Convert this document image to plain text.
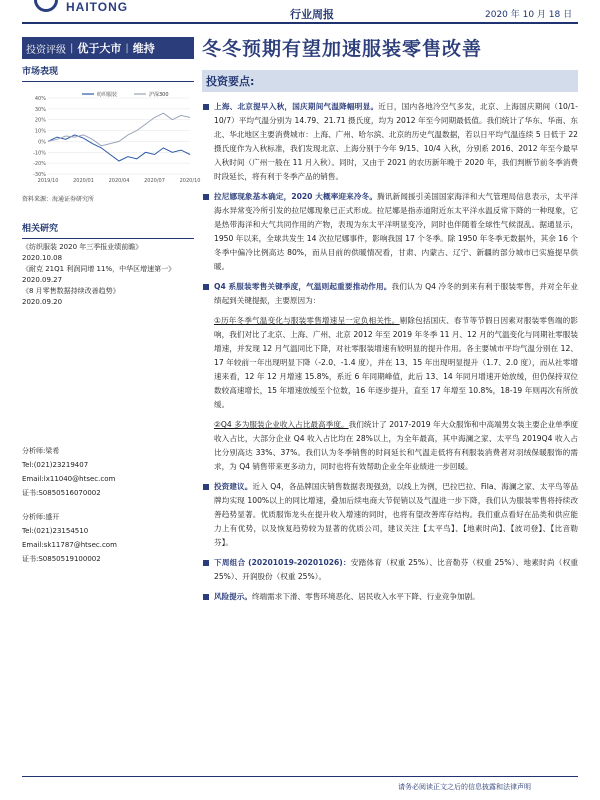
HAITONG
行业周报	2020 年 10 月 18 日
投资评级 | 优于大市 | 维持 冬冬预期有望加速服装零售改善
市场表现
40%
30%
20%
10%
0%
-10%
-20%
-30%
2019/10	2020/01	2020/04	2020/07	2020/10
纺织服装	沪深300
资料来源：海通证券研究所
相关研究
《纺织服装 2020 年三季报业绩前瞻》
2020.10.08
《耐克 21Q1 利润同增 11%，中华区增速第一》
2020.09.27
《8 月零售数据持续改善趋势》
2020.09.20
分析师:梁希
Tel:(021)23219407
Email:lx11040@htsec.com
证书:S0850516070002
分析师:盛开
Tel:(021)23154510
Email:sk11787@htsec.com
证书:S0850519100002
投资要点:
上海、北京提早入秋，国庆期间气温降幅明显。近日，国内各地冷空气多发，北京、上海国庆期间（10/1-10/7）平均气温分别为 14.79、21.71 摄氏度，均为 2012 年至今同期最低值。我们统计了华东、华南、东北、华北地区主要消费城市：上海、广州、哈尔滨、北京的历史气温数据，若以日平均气温连续 5 日低于 22 摄氏度作为入秋标准，我们发现北京、上海分别于今年 9/15、10/4 入秋，分别系 2016、2012 年至今最早入秋时间（广州一般在 11 月入秋）。同时，又由于 2021 的农历新年晚于 2020 年，我们判断节前冬季消费时段延长，将有利于冬季产品的销售。
拉尼娜现象基本确定，2020 大概率迎来冷冬。腾讯新闻援引美国国家海洋和大气管理局信息表示，太平洋海水异常变冷所引发的拉尼娜现象已正式形成。拉尼娜是指赤道附近东太平洋水温反常下降的一种现象，它是热带海洋和大气共同作用的产物，表现为东太平洋明显变冷，同时也伴随着全球性气候混乱。据通显示，1950 年以来，全球共发生 14 次拉尼娜事件，影响我国 17 个冬季。除 1950 年冬季无数据外，其余 16 个冬季中偏冷比例高达 80%，而从目前的供暖情况看，甘肃、内蒙古、辽宁、新疆的部分城市已实施提早供暖。
Q4 系服装零售关键季度，气温则起重要推动作用。我们认为 Q4 冷冬的到来有利于服装零售，并对全年业绩起到关键提振，主要原因为：
①历年冬季气温变化与服装零售增速呈一定负相关性。剔除包括国庆、春节等节假日因素对服装零售端的影响，我们对比了北京、上海、广州、北京 2012 年至 2019 年冬季 11 月、12 月的气温变化与同期社零服装增速，并发现 12 月气温同比下降，对社零服装增速有较明显的提升作用。各主要城市平均气温分别在 12、17 年较前一年出现明显下降（-2.0、-1.4 度），并在 13、15 年出现明显提升（1.7、2.0 度），而从社零增速来看，12 年 12 月增速 15.8%，系近 6 年同期峰值，此后 13、14 年同月增速开始放缓，但仍保持双位数较高速增长，15 年增速放缓至个位数，16 年逐步提升，直至 17 年增至 10.8%，18-19 年则再次有所放缓。
②Q4 多为服装企业收入占比最高季度。我们统计了 2017-2019 年大众服饰和中高端男女装主要企业单季度收入占比，大部分企业 Q4 收入占比均在 28%以上，为全年最高，其中海澜之家、太平鸟 2019Q4 收入占比分别高达 33%、37%。我们认为冬季销售的时间延长和气温走低将有利服装消费者对羽绒保暖服饰的需求，为 Q4 销售带来更多动力，同时也将有效帮助企业全年业绩进一步回暖。
投资建议。近入 Q4，各品牌国庆销售数据表现强劲，以线上为例，巴拉巴拉、Fila、海澜之家、太平鸟等品牌均实现 100%以上的同比增速，叠加后续电商大节促销以及气温进一步下降，我们认为服装零售将持续改善趋势显著。优质服饰龙头在提升收入增速的同时，也将有望改善库存结构。我们重点看好在品类和供应能力上有优势，以及恢复趋势较为显著的优质公司，建议关注【太平鸟】、【地素时尚】、【波司登】、【比音勒芬】。
下周组合 (20201019-20201026)：安踏体育（权重 25%）、比音勒芬（权重 25%）、地素时尚（权重 25%）、开润股份（权重 25%）。
风险提示。终端需求下滑、零售环境恶化、居民收入水平下降、行业竞争加剧。
请务必阅读正文之后的信息披露和法律声明
